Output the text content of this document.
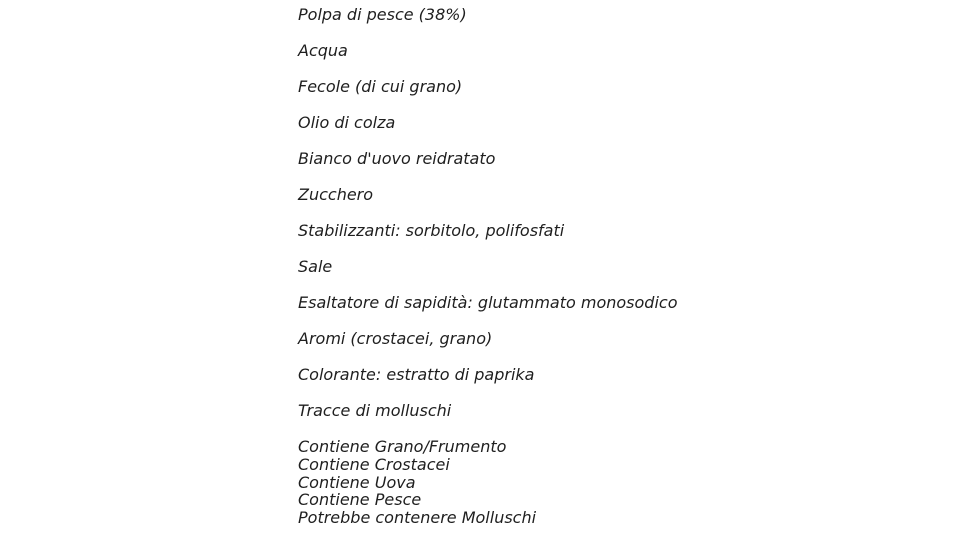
Polpa di pesce (38%)
Acqua
Fecole (di cui grano)
Olio di colza
Bianco d'uovo reidratato
Zucchero
Stabilizzanti: sorbitolo, polifosfati
Sale
Esaltatore di sapidità: glutammato monosodico
Aromi (crostacei, grano)
Colorante: estratto di paprika
Tracce di molluschi
Contiene Grano/Frumento
Contiene Crostacei
Contiene Uova
Contiene Pesce
Potrebbe contenere Molluschi
